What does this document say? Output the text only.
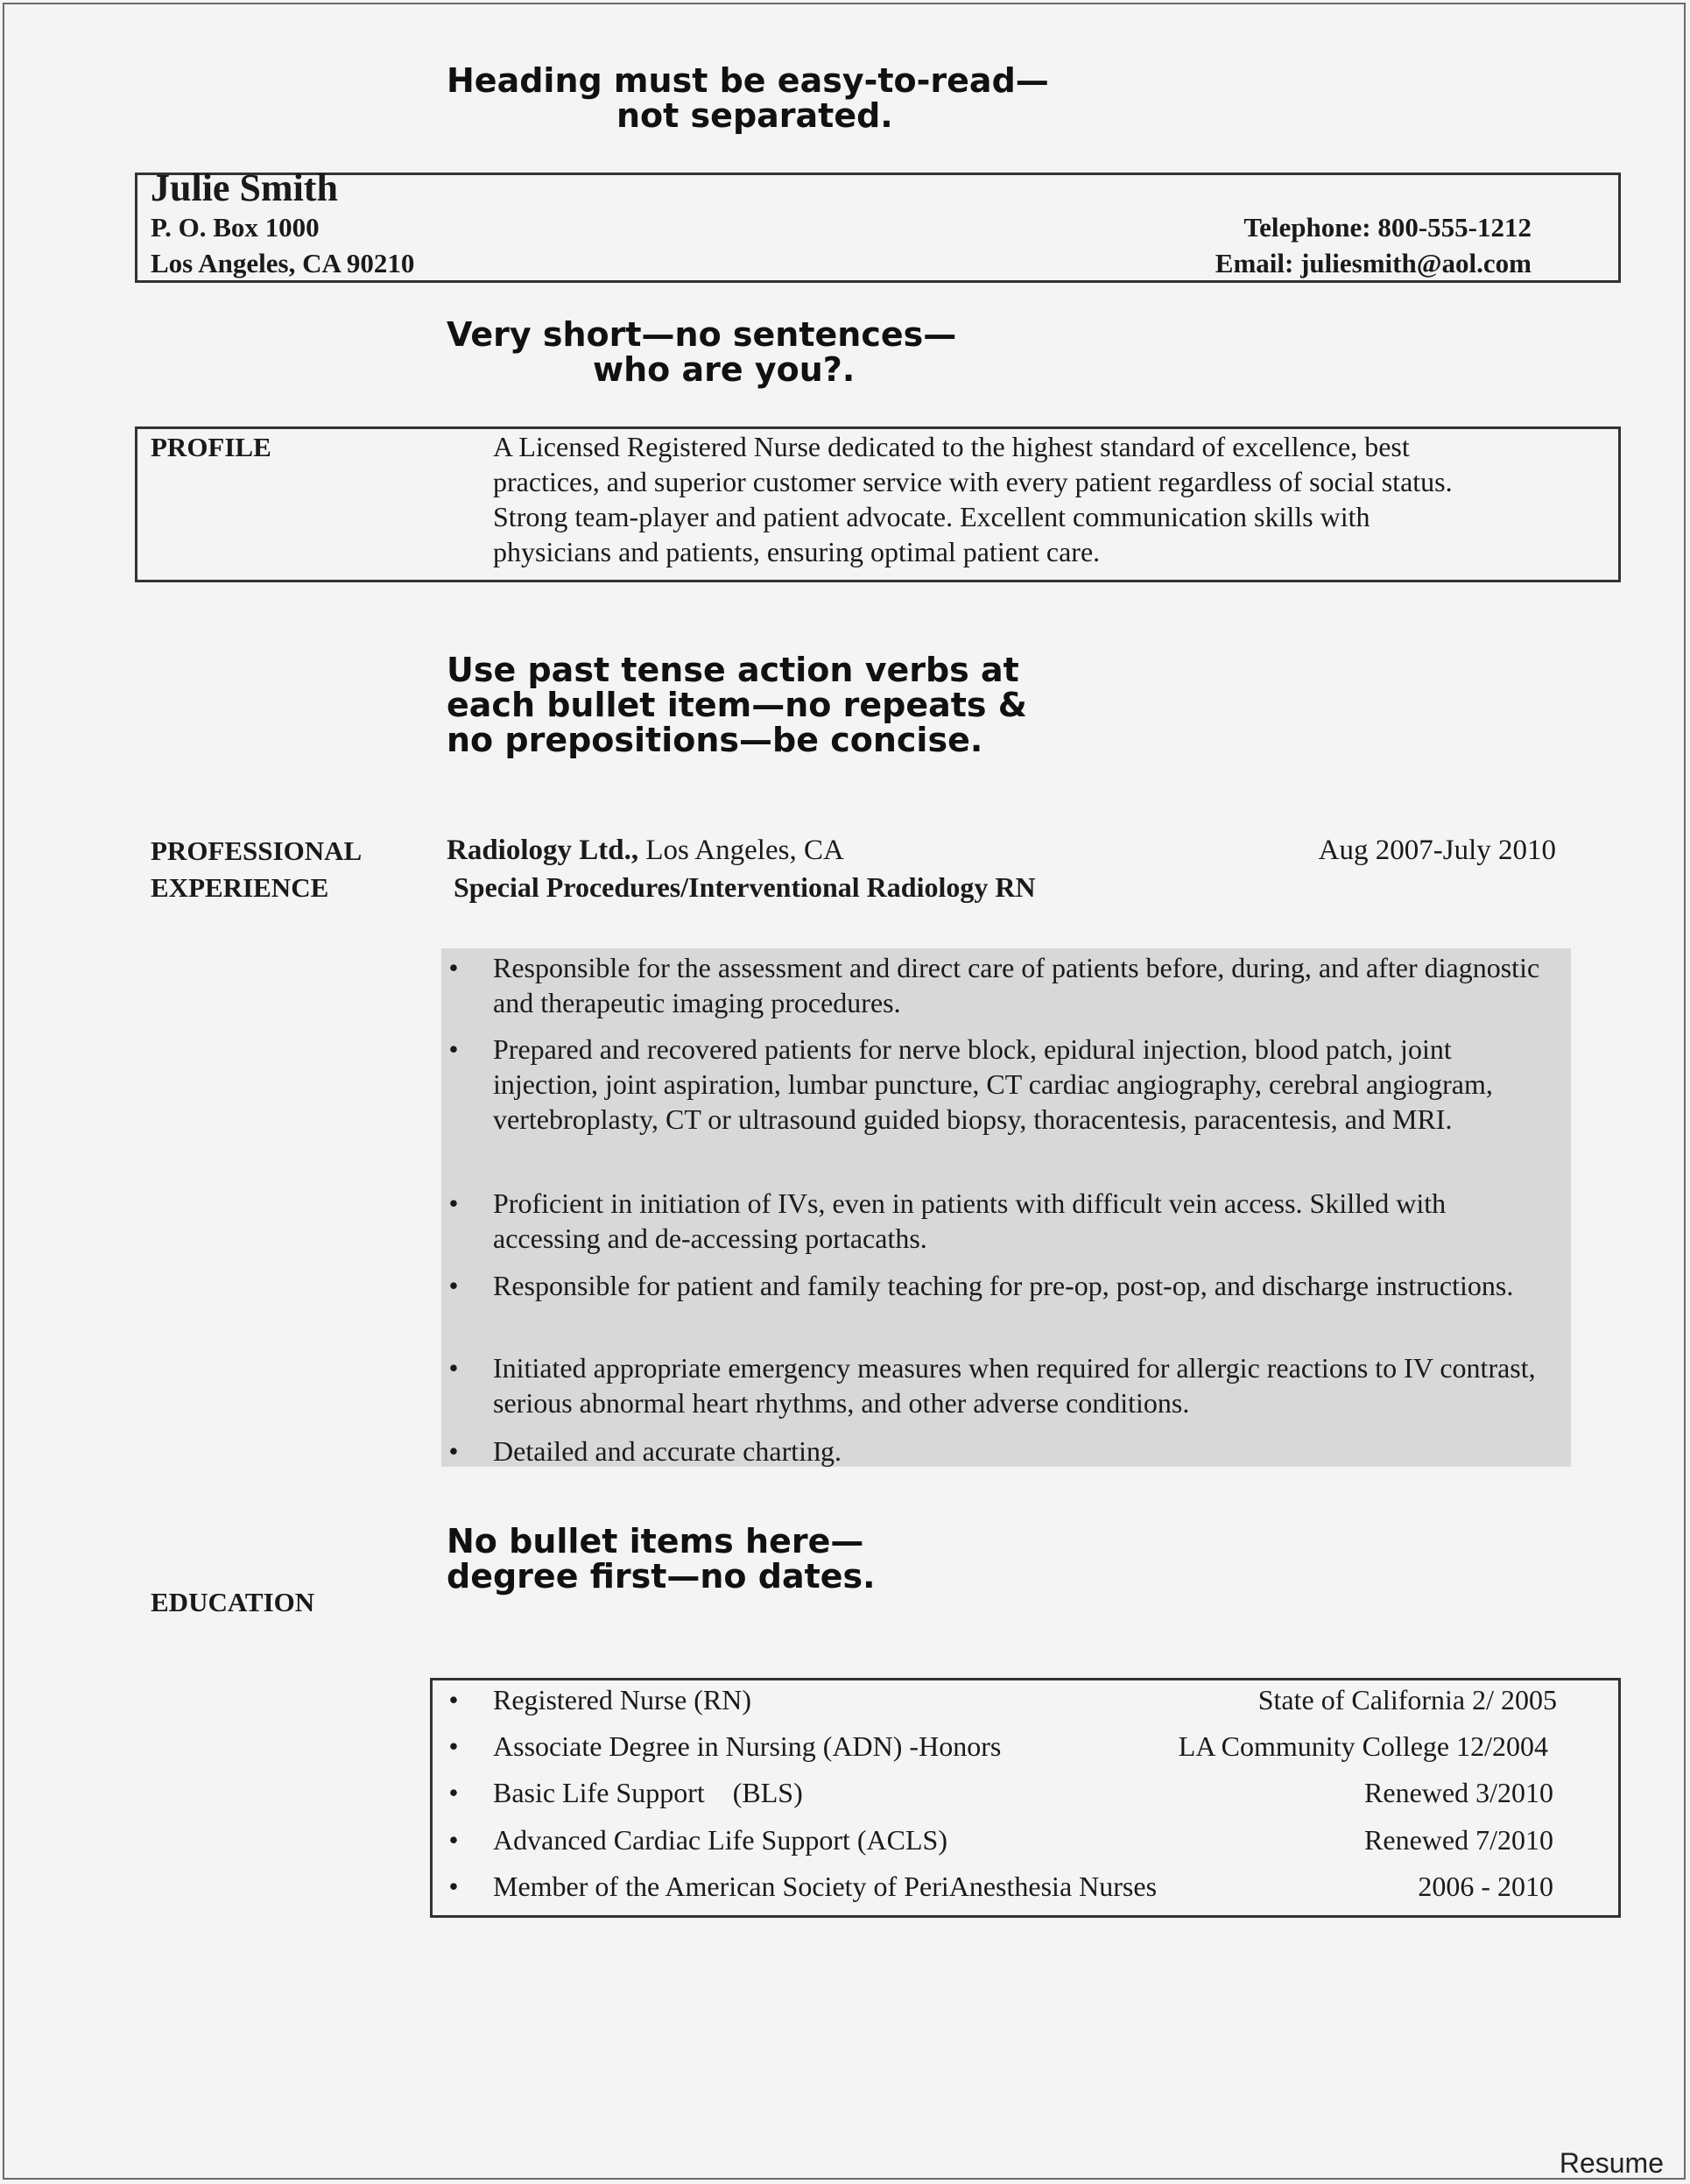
Heading must be easy-to-read—
not separated.
Julie Smith
P. O. Box 1000
Los Angeles, CA 90210
Telephone: 800-555-1212
Email: juliesmith@aol.com
Very short—no sentences—
who are you?.
PROFILE	A Licensed Registered Nurse dedicated to the highest standard of excellence, best
practices, and superior customer service with every patient regardless of social status.
Strong team-player and patient advocate. Excellent communication skills with
physicians and patients, ensuring optimal patient care.
Use past tense action verbs at
each bullet item—no repeats &
no prepositions—be concise.
PROFESSIONAL
EXPERIENCE
Radiology Ltd., Los Angeles, CA	Aug 2007-July 2010
Special Procedures/Interventional Radiology RN
• Responsible for the assessment and direct care of patients before, during, and after diagnostic and therapeutic imaging procedures.
• Prepared and recovered patients for nerve block, epidural injection, blood patch, joint injection, joint aspiration, lumbar puncture, CT cardiac angiography, cerebral angiogram, vertebroplasty, CT or ultrasound guided biopsy, thoracentesis, paracentesis, and MRI.
• Proficient in initiation of IVs, even in patients with difficult vein access. Skilled with accessing and de-accessing portacaths.
• Responsible for patient and family teaching for pre-op, post-op, and discharge instructions.
• Initiated appropriate emergency measures when required for allergic reactions to IV contrast, serious abnormal heart rhythms, and other adverse conditions.
• Detailed and accurate charting.
No bullet items here—
degree first—no dates.
EDUCATION
• Registered Nurse (RN)	State of California 2/ 2005
• Associate Degree in Nursing (ADN) -Honors	LA Community College 12/2004
• Basic Life Support    (BLS)	Renewed 3/2010
• Advanced Cardiac Life Support (ACLS)	Renewed 7/2010
• Member of the American Society of PeriAnesthesia Nurses	2006 - 2010
Resume
